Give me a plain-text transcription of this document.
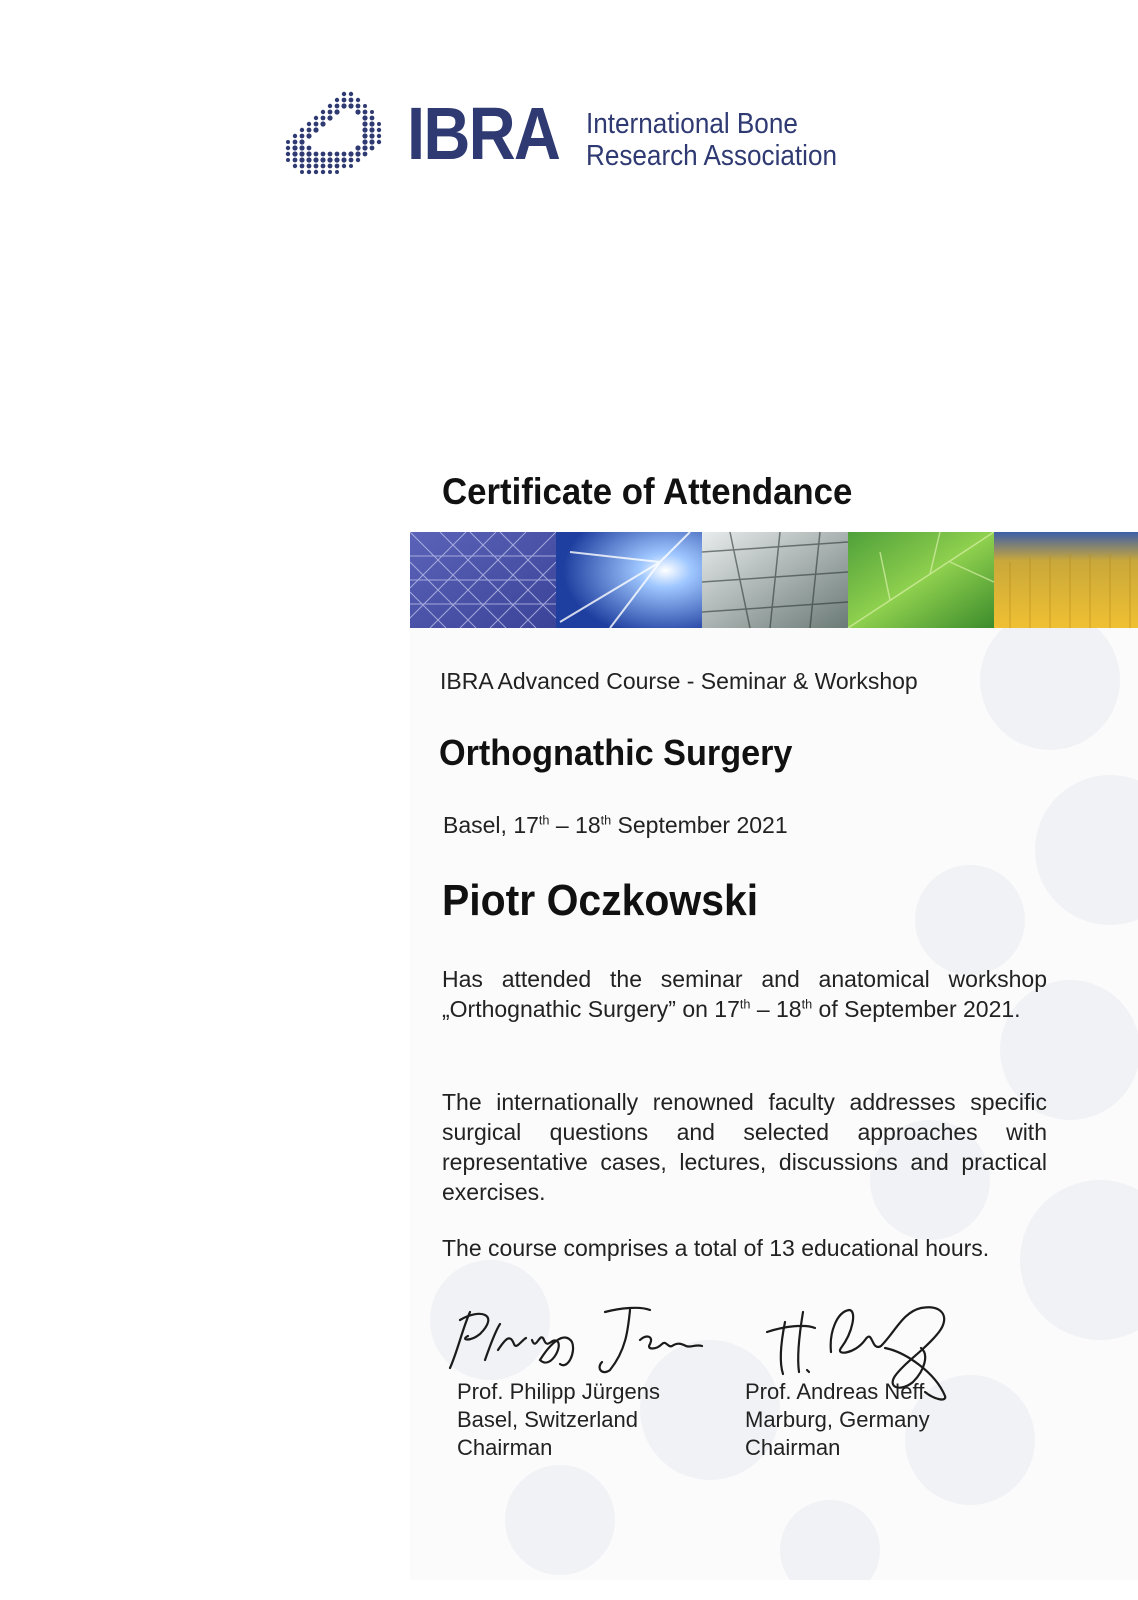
IBRA International Bone
Research Association
Certificate of Attendance
IBRA Advanced Course - Seminar & Workshop
Orthognathic Surgery
Basel, 17th – 18th September 2021
Piotr Oczkowski
Has attended the seminar and anatomical workshop „Orthognathic Surgery” on 17th – 18th of September 2021.
The internationally renowned faculty addresses specific surgical questions and selected approaches with representative cases, lectures, discussions and practical exercises.
The course comprises a total of 13 educational hours.
Prof. Philipp Jürgens
Basel, Switzerland
Chairman
Prof. Andreas Neff
Marburg, Germany
Chairman
